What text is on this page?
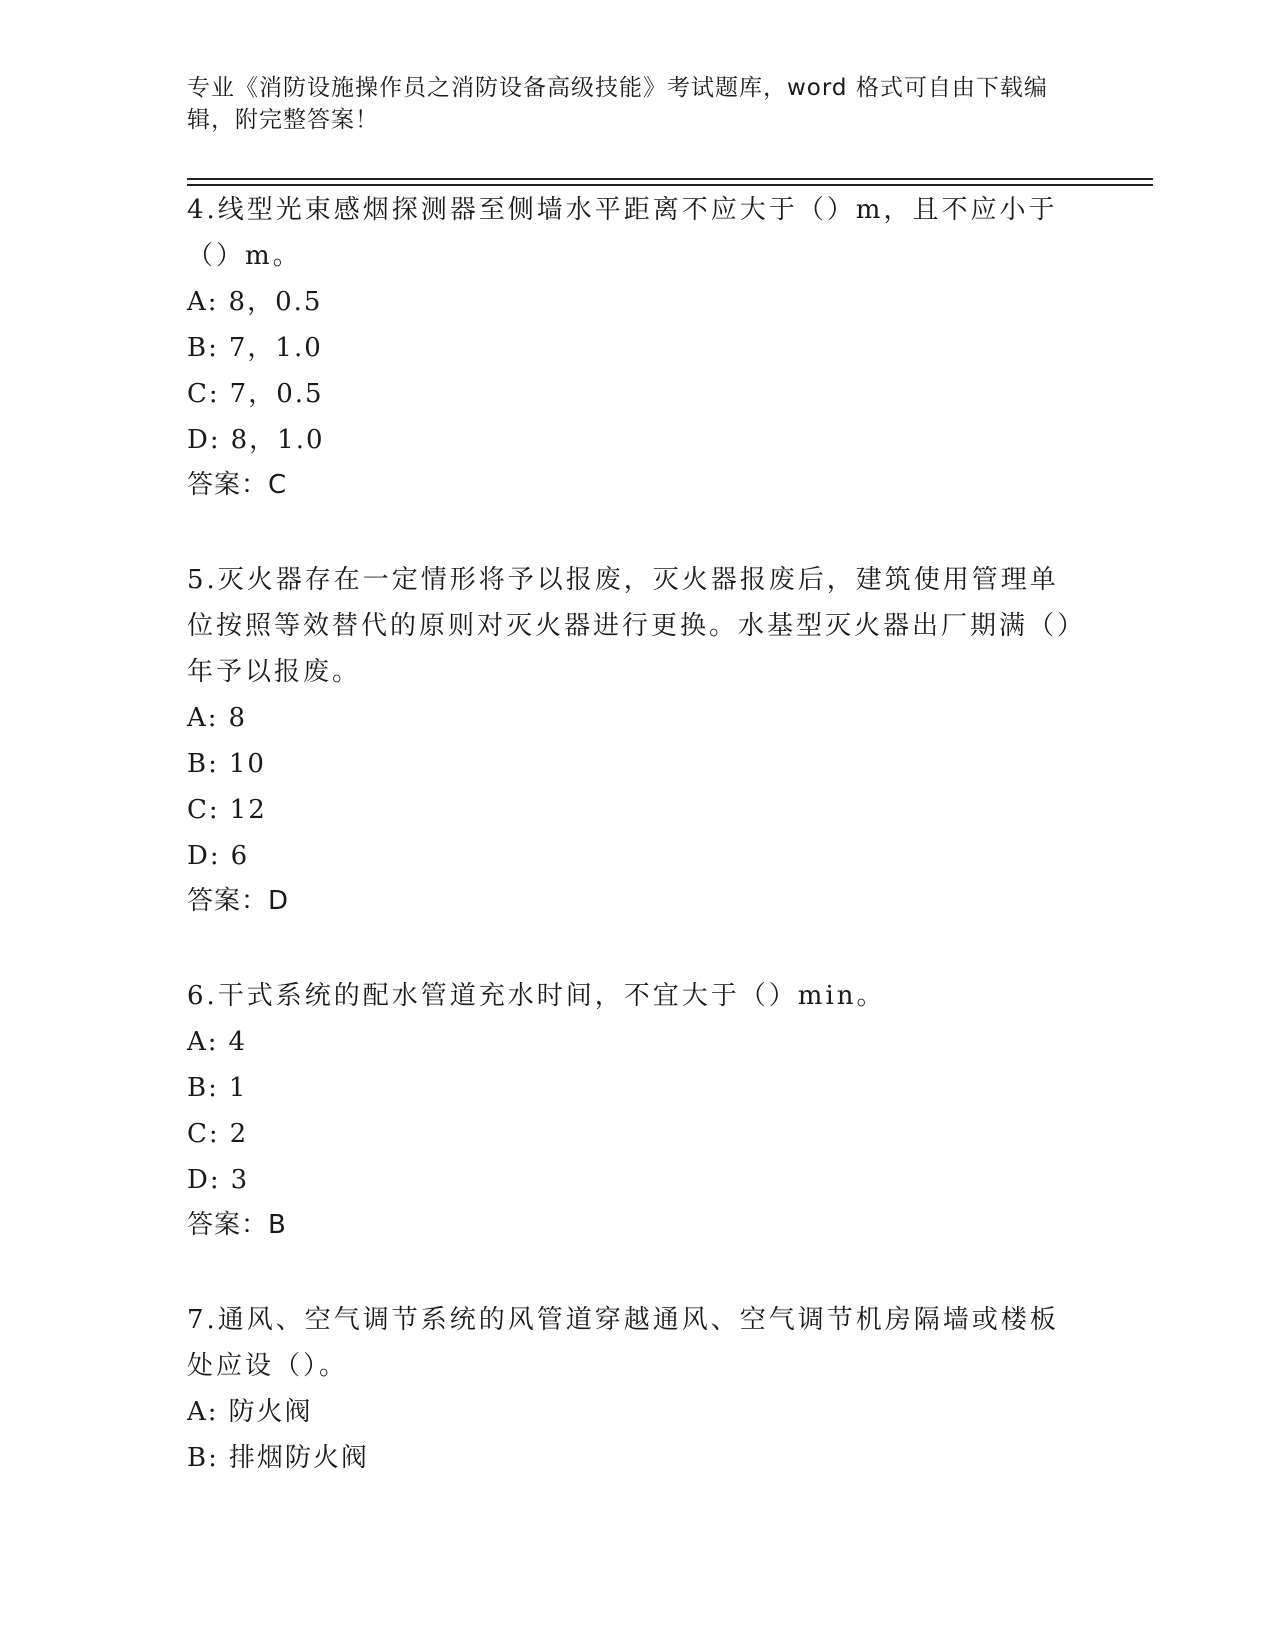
专业《消防设施操作员之消防设备高级技能》考试题库，word 格式可自由下载编辑，附完整答案！

4.线型光束感烟探测器至侧墙水平距离不应大于（）m，且不应小于（）m。

A: 8，0.5

B: 7，1.0

C: 7，0.5

D: 8，1.0

答案：C

5.灭火器存在一定情形将予以报废，灭火器报废后，建筑使用管理单位按照等效替代的原则对灭火器进行更换。水基型灭火器出厂期满（）年予以报废。

A: 8

B: 10

C: 12

D: 6

答案：D

6.干式系统的配水管道充水时间，不宜大于（）min。

A: 4

B: 1

C: 2

D: 3

答案：B

7.通风、空气调节系统的风管道穿越通风、空气调节机房隔墙或楼板处应设（）。

A: 防火阀

B: 排烟防火阀
